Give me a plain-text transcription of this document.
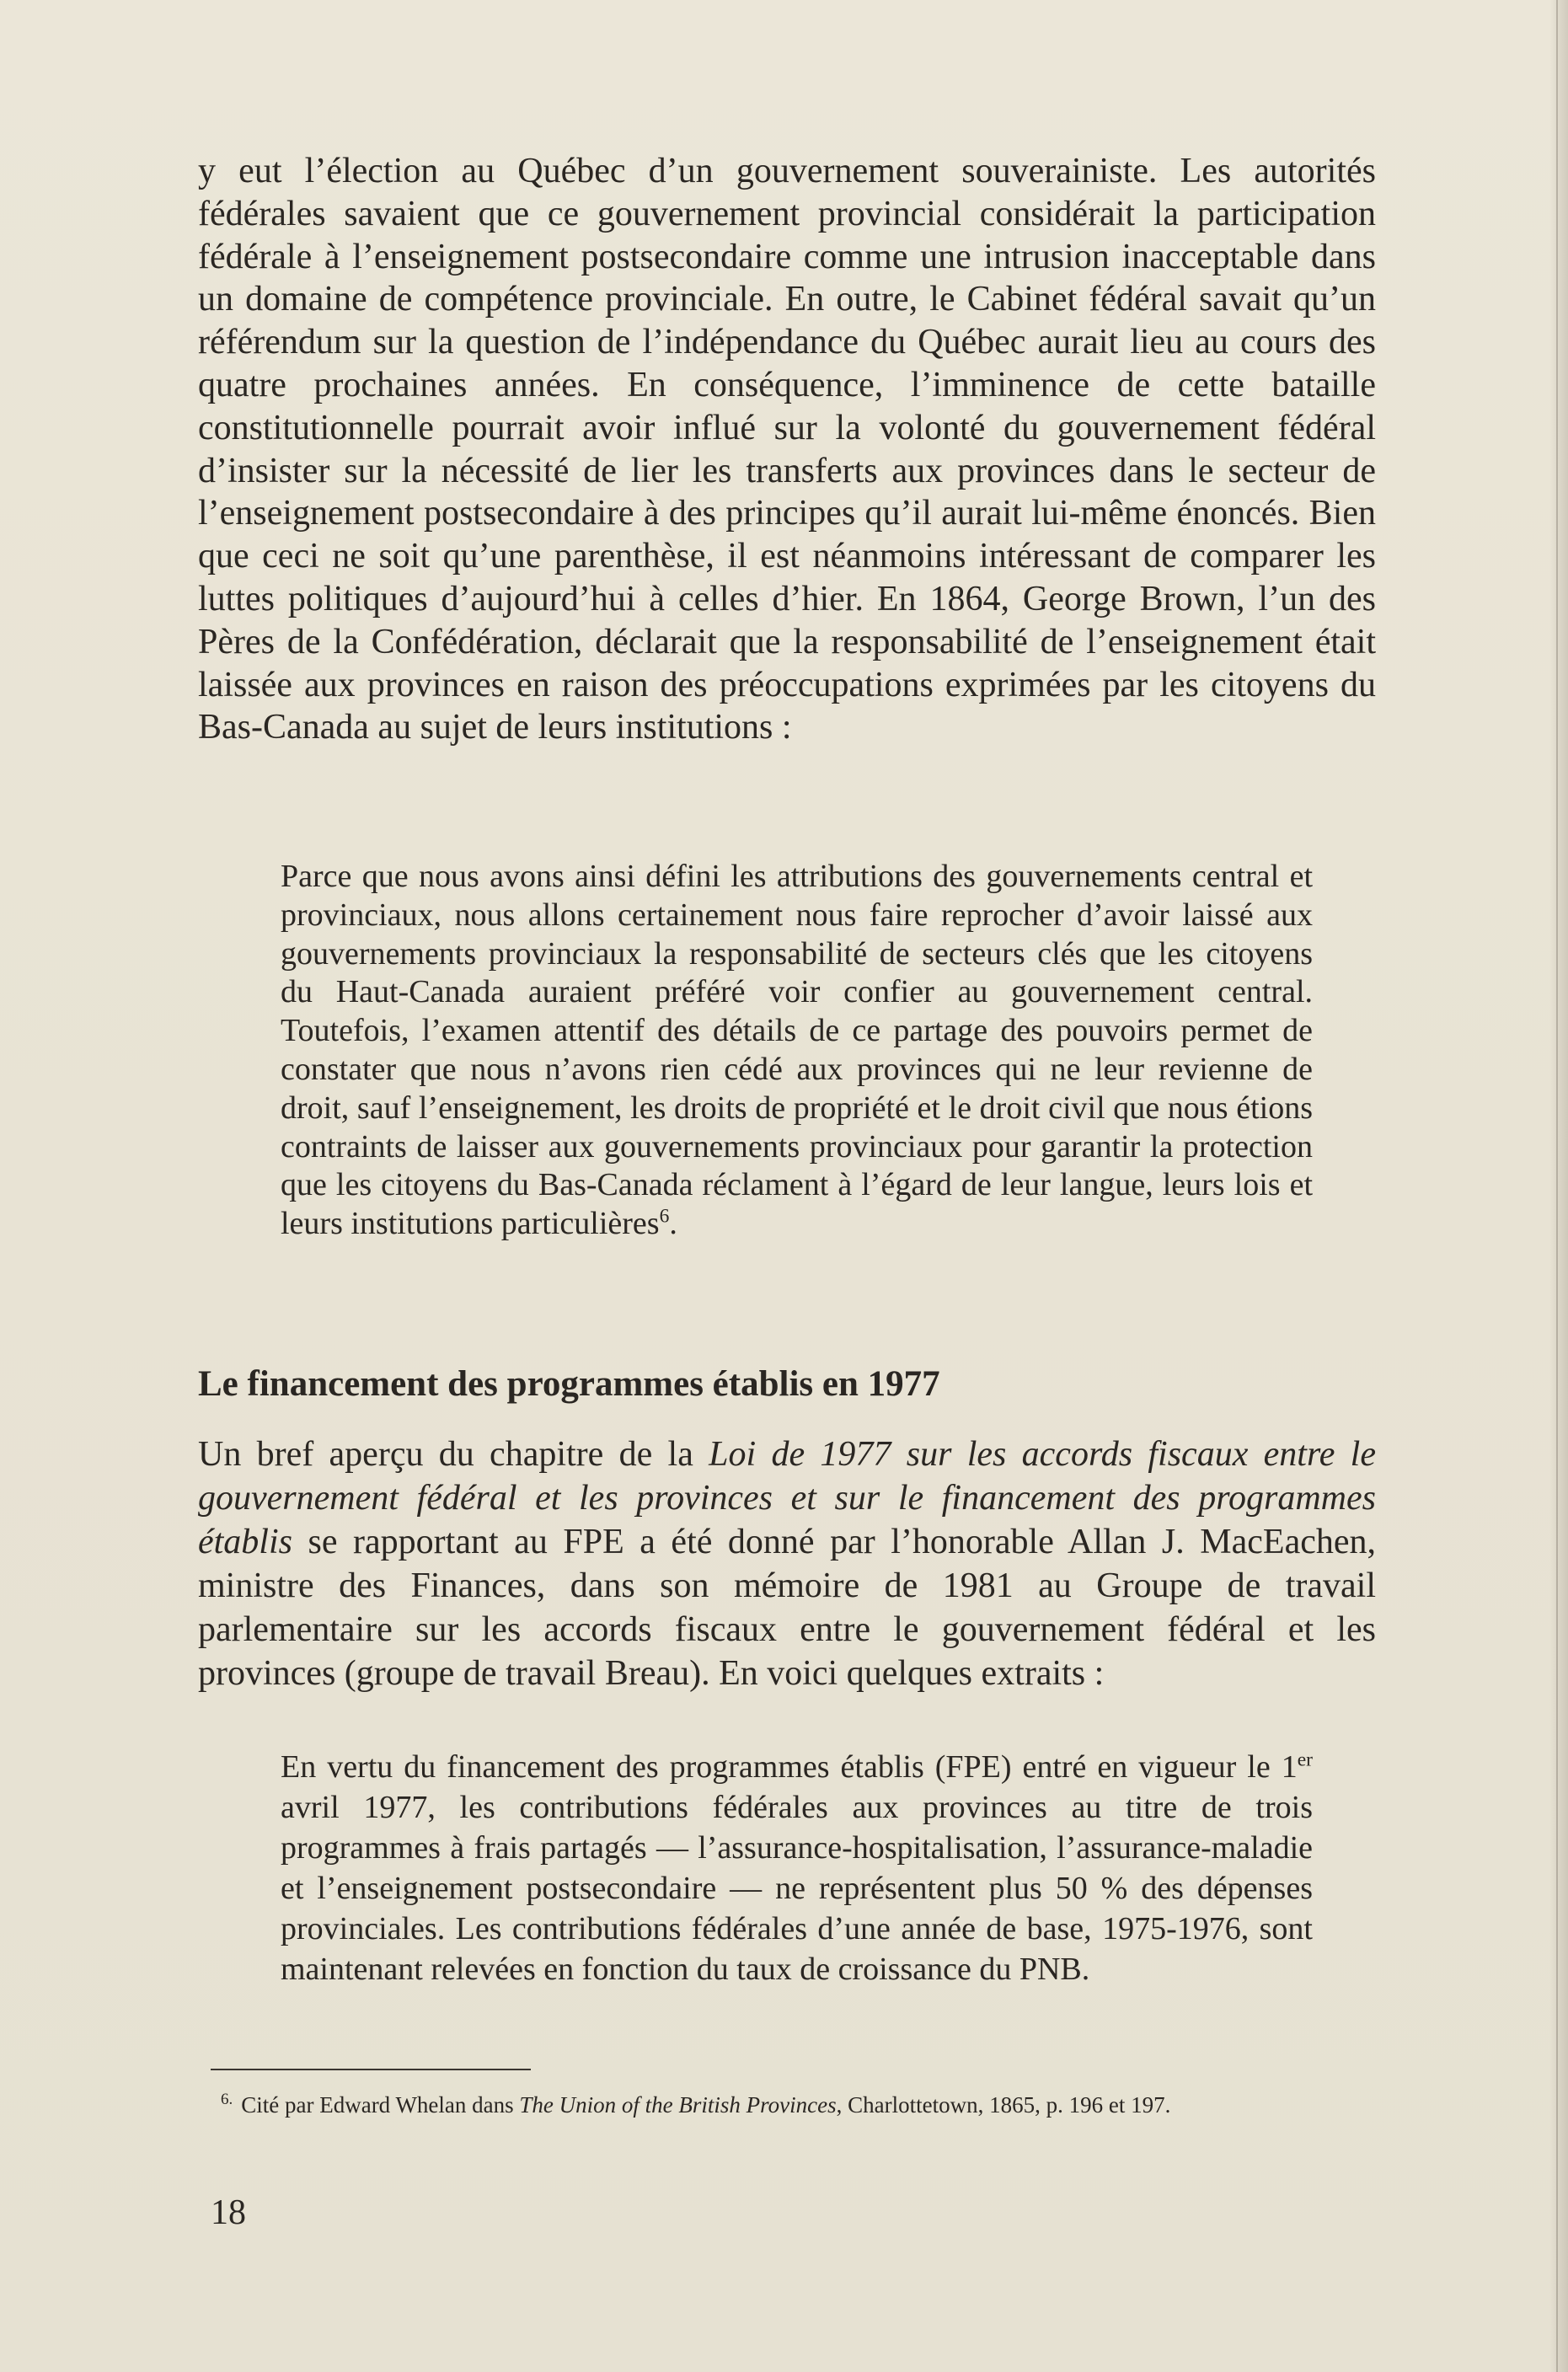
y eut l’élection au Québec d’un gouvernement souverainiste. Les autorités fédérales savaient que ce gouvernement provincial considérait la participation fédérale à l’enseignement postsecondaire comme une intrusion inacceptable dans un domaine de compétence provinciale. En outre, le Cabinet fédéral savait qu’un référendum sur la question de l’indépendance du Québec aurait lieu au cours des quatre prochaines années. En conséquence, l’imminence de cette bataille constitutionnelle pourrait avoir influé sur la volonté du gouvernement fédéral d’insister sur la nécessité de lier les transferts aux provinces dans le secteur de l’enseignement postsecondaire à des principes qu’il aurait lui-même énoncés. Bien que ceci ne soit qu’une parenthèse, il est néanmoins intéressant de comparer les luttes politiques d’aujourd’hui à celles d’hier. En 1864, George Brown, l’un des Pères de la Confédération, déclarait que la responsabilité de l’enseignement était laissée aux provinces en raison des préoccupations exprimées par les citoyens du Bas-Canada au sujet de leurs institutions :

Parce que nous avons ainsi défini les attributions des gouvernements central et provinciaux, nous allons certainement nous faire reprocher d’avoir laissé aux gouvernements provinciaux la responsabilité de secteurs clés que les citoyens du Haut-Canada auraient préféré voir confier au gouvernement central. Toutefois, l’examen attentif des détails de ce partage des pouvoirs permet de constater que nous n’avons rien cédé aux provinces qui ne leur revienne de droit, sauf l’enseignement, les droits de propriété et le droit civil que nous étions contraints de laisser aux gouvernements provinciaux pour garantir la protection que les citoyens du Bas-Canada réclament à l’égard de leur langue, leurs lois et leurs institutions particulières$^6$.

Le financement des programmes établis en 1977

Un bref aperçu du chapitre de la Loi de 1977 sur les accords fiscaux entre le gouvernement fédéral et les provinces et sur le financement des programmes établis se rapportant au FPE a été donné par l’honorable Allan J. MacEachen, ministre des Finances, dans son mémoire de 1981 au Groupe de travail parlementaire sur les accords fiscaux entre le gouvernement fédéral et les provinces (groupe de travail Breau). En voici quelques extraits :

En vertu du financement des programmes établis (FPE) entré en vigueur le 1er avril 1977, les contributions fédérales aux provinces au titre de trois programmes à frais partagés — l’assurance-hospitalisation, l’assurance-maladie et l’enseignement postsecondaire — ne représentent plus 50 % des dépenses provinciales. Les contributions fédérales d’une année de base, 1975-1976, sont maintenant relevées en fonction du taux de croissance du PNB.

$^{6.}$ Cité par Edward Whelan dans The Union of the British Provinces, Charlottetown, 1865, p. 196 et 197.

18
